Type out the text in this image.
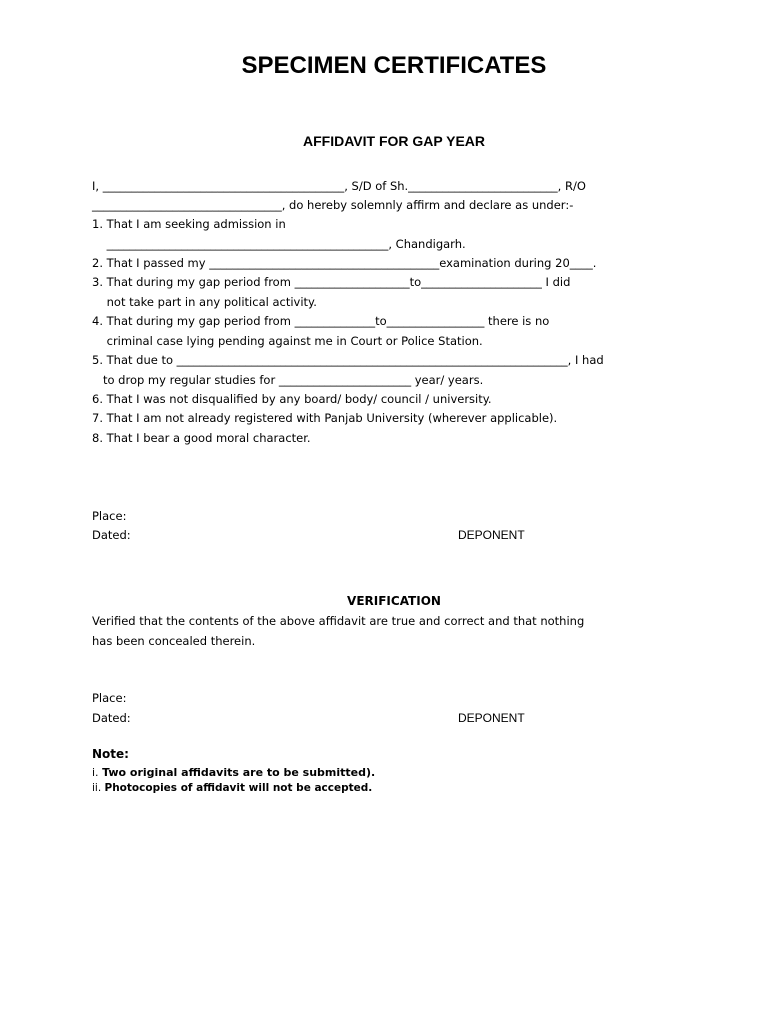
SPECIMEN CERTIFICATES
AFFIDAVIT FOR GAP YEAR
I, __________________________________________, S/D of Sh.__________________________, R/O
_________________________________, do hereby solemnly affirm and declare as under:-
1. That I am seeking admission in
_________________________________________________, Chandigarh.
2. That I passed my ________________________________________examination during 20____.
3. That during my gap period from ____________________to_____________________ I did
not take part in any political activity.
4. That during my gap period from ______________to_________________ there is no
criminal case lying pending against me in Court or Police Station.
5. That due to ____________________________________________________________________, I had
to drop my regular studies for _______________________ year/ years.
6. That I was not disqualified by any board/ body/ council / university.
7. That I am not already registered with Panjab University (wherever applicable).
8. That I bear a good moral character.
Place:
Dated:	DEPONENT
VERIFICATION
Verified that the contents of the above affidavit are true and correct and that nothing
has been concealed therein.
Place:
Dated:	DEPONENT
Note:
i. Two original affidavits are to be submitted).
ii. Photocopies of affidavit will not be accepted.
